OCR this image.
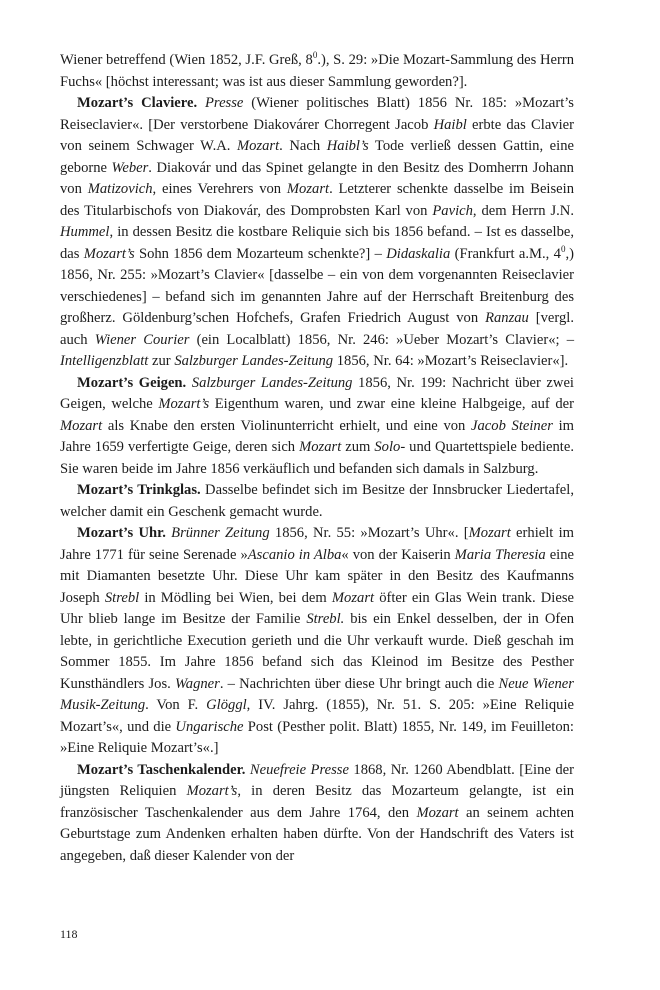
Wiener betreffend (Wien 1852, J.F. Greß, $8^0$.), S. 29: »Die Mozart-Sammlung des Herrn Fuchs« [höchst interessant; was ist aus dieser Sammlung geworden?].

Mozart’s Claviere. Presse (Wiener politisches Blatt) 1856 Nr. 185: »Mozart’s Reiseclavier«. [Der verstorbene Diakovárer Chorregent Jacob Haibl erbte das Clavier von seinem Schwager W.A. Mozart. Nach Haibl’s Tode verließ dessen Gattin, eine geborne Weber. Diakovár und das Spinet gelangte in den Besitz des Domherrn Johann von Matizovich, eines Verehrers von Mozart. Letzterer schenkte dasselbe im Beisein des Titularbischofs von Diakovár, des Domprobsten Karl von Pavich, dem Herrn J.N. Hummel, in dessen Besitz die kostbare Reliquie sich bis 1856 befand. – Ist es dasselbe, das Mozart’s Sohn 1856 dem Mozarteum schenkte?] – Didaskalia (Frankfurt a.M., $4^0$,) 1856, Nr. 255: »Mozart’s Clavier« [dasselbe – ein von dem vorgenannten Reiseclavier verschiedenes] – befand sich im genannten Jahre auf der Herrschaft Breitenburg des großherz. Göldenburg’schen Hofchefs, Grafen Friedrich August von Ranzau [vergl. auch Wiener Courier (ein Localblatt) 1856, Nr. 246: »Ueber Mozart’s Clavier«; – Intelligenzblatt zur Salzburger Landes-Zeitung 1856, Nr. 64: »Mozart’s Reiseclavier«].

Mozart’s Geigen. Salzburger Landes-Zeitung 1856, Nr. 199: Nachricht über zwei Geigen, welche Mozart’s Eigenthum waren, und zwar eine kleine Halbgeige, auf der Mozart als Knabe den ersten Violinunterricht erhielt, und eine von Jacob Steiner im Jahre 1659 verfertigte Geige, deren sich Mozart zum Solo- und Quartettspiele bediente. Sie waren beide im Jahre 1856 verkäuflich und befanden sich damals in Salzburg.

Mozart’s Trinkglas. Dasselbe befindet sich im Besitze der Innsbrucker Liedertafel, welcher damit ein Geschenk gemacht wurde.

Mozart’s Uhr. Brünner Zeitung 1856, Nr. 55: »Mozart’s Uhr«. [Mozart erhielt im Jahre 1771 für seine Serenade »Ascanio in Alba« von der Kaiserin Maria Theresia eine mit Diamanten besetzte Uhr. Diese Uhr kam später in den Besitz des Kaufmanns Joseph Strebl in Mödling bei Wien, bei dem Mozart öfter ein Glas Wein trank. Diese Uhr blieb lange im Besitze der Familie Strebl. bis ein Enkel desselben, der in Ofen lebte, in gerichtliche Execution gerieth und die Uhr verkauft wurde. Dieß geschah im Sommer 1855. Im Jahre 1856 befand sich das Kleinod im Besitze des Pesther Kunsthändlers Jos. Wagner. – Nachrichten über diese Uhr bringt auch die Neue Wiener Musik-Zeitung. Von F. Glöggl, IV. Jahrg. (1855), Nr. 51. S. 205: »Eine Reliquie Mozart’s«, und die Ungarische Post (Pesther polit. Blatt) 1855, Nr. 149, im Feuilleton: »Eine Reliquie Mozart’s«.]

Mozart’s Taschenkalender. Neuefreie Presse 1868, Nr. 1260 Abendblatt. [Eine der jüngsten Reliquien Mozart’s, in deren Besitz das Mozarteum gelangte, ist ein französischer Taschenkalender aus dem Jahre 1764, den Mozart an seinem achten Geburtstage zum Andenken erhalten haben dürfte. Von der Handschrift des Vaters ist angegeben, daß dieser Kalender von der

118
